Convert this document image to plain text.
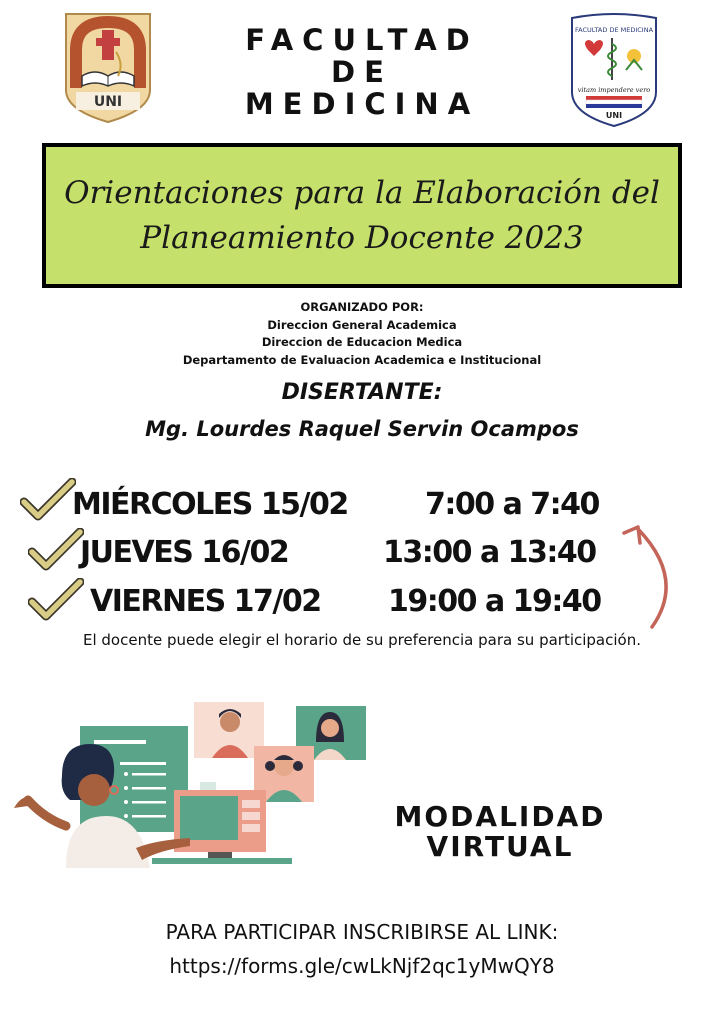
UNI
FACULTAD
DE
MEDICINA
FACULTAD DE MEDICINA
vitam impendere vero
UNI
Orientaciones para la Elaboración del
Planeamiento Docente 2023
ORGANIZADO POR:
Direccion General Academica
Direccion de Educacion Medica
Departamento de Evaluacion Academica e Institucional
DISERTANTE:
Mg. Lourdes Raquel Servin Ocampos
MIÉRCOLES 15/02	7:00 a 7:40
JUEVES 16/02	13:00 a 13:40
VIERNES 17/02 19:00 a 19:40
El docente puede elegir el horario de su preferencia para su participación.
MODALIDAD
VIRTUAL
PARA PARTICIPAR INSCRIBIRSE AL LINK:
https://forms.gle/cwLkNjf2qc1yMwQY8
